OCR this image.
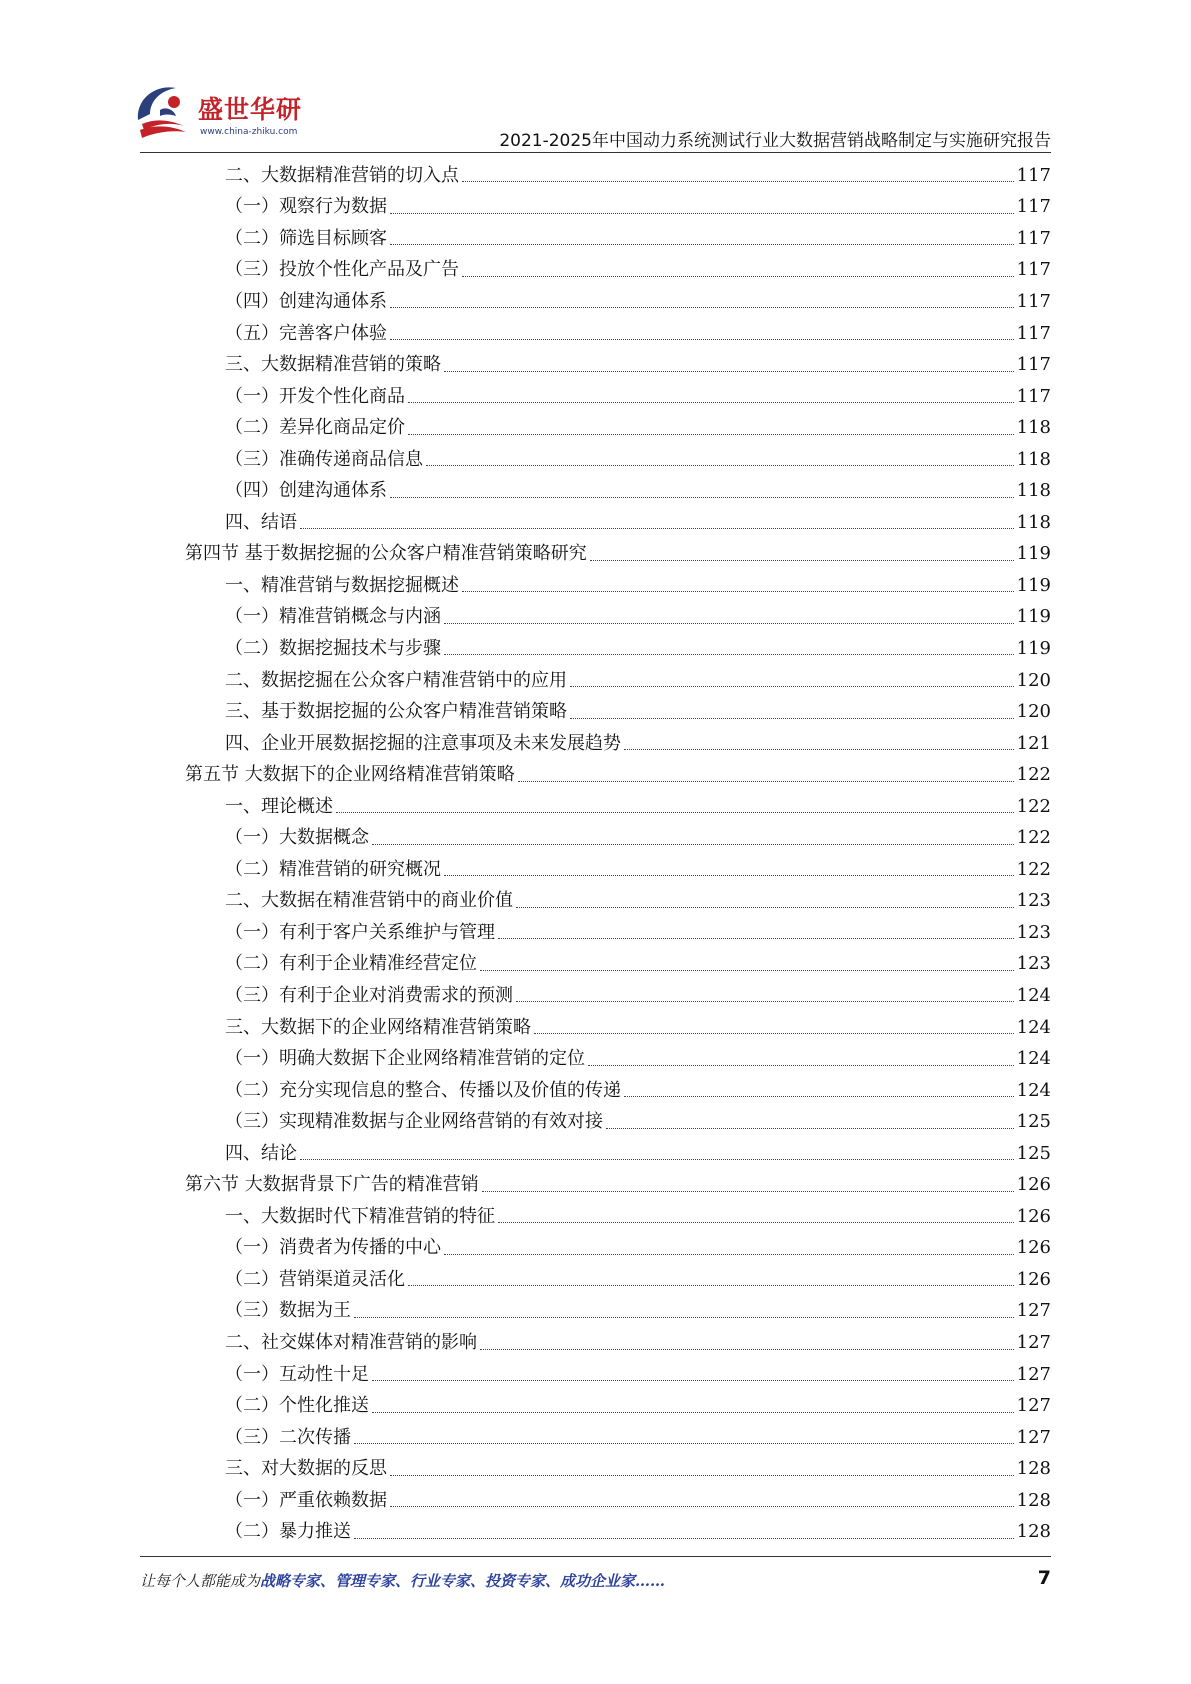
盛世华研
www.china-zhiku.com	2021-2025年中国动力系统测试行业大数据营销战略制定与实施研究报告
二、大数据精准营销的切入点	117
（一）观察行为数据	117
（二）筛选目标顾客	117
（三）投放个性化产品及广告	117
（四）创建沟通体系	117
（五）完善客户体验	117
三、大数据精准营销的策略	117
（一）开发个性化商品	117
（二）差异化商品定价	118
（三）准确传递商品信息	118
（四）创建沟通体系	118
四、结语	118
第四节 基于数据挖掘的公众客户精准营销策略研究	119
一、精准营销与数据挖掘概述	119
（一）精准营销概念与内涵	119
（二）数据挖掘技术与步骤	119
二、数据挖掘在公众客户精准营销中的应用	120
三、基于数据挖掘的公众客户精准营销策略	120
四、企业开展数据挖掘的注意事项及未来发展趋势	121
第五节 大数据下的企业网络精准营销策略	122
一、理论概述	122
（一）大数据概念	122
（二）精准营销的研究概况	122
二、大数据在精准营销中的商业价值	123
（一）有利于客户关系维护与管理	123
（二）有利于企业精准经营定位	123
（三）有利于企业对消费需求的预测	124
三、大数据下的企业网络精准营销策略	124
（一）明确大数据下企业网络精准营销的定位	124
（二）充分实现信息的整合、传播以及价值的传递	124
（三）实现精准数据与企业网络营销的有效对接	125
四、结论	125
第六节 大数据背景下广告的精准营销	126
一、大数据时代下精准营销的特征	126
（一）消费者为传播的中心	126
（二）营销渠道灵活化	126
（三）数据为王	127
二、社交媒体对精准营销的影响	127
（一）互动性十足	127
（二）个性化推送	127
（三）二次传播	127
三、对大数据的反思	128
（一）严重依赖数据	128
（二）暴力推送	128
让每个人都能成为战略专家、管理专家、行业专家、投资专家、成功企业家……	7
